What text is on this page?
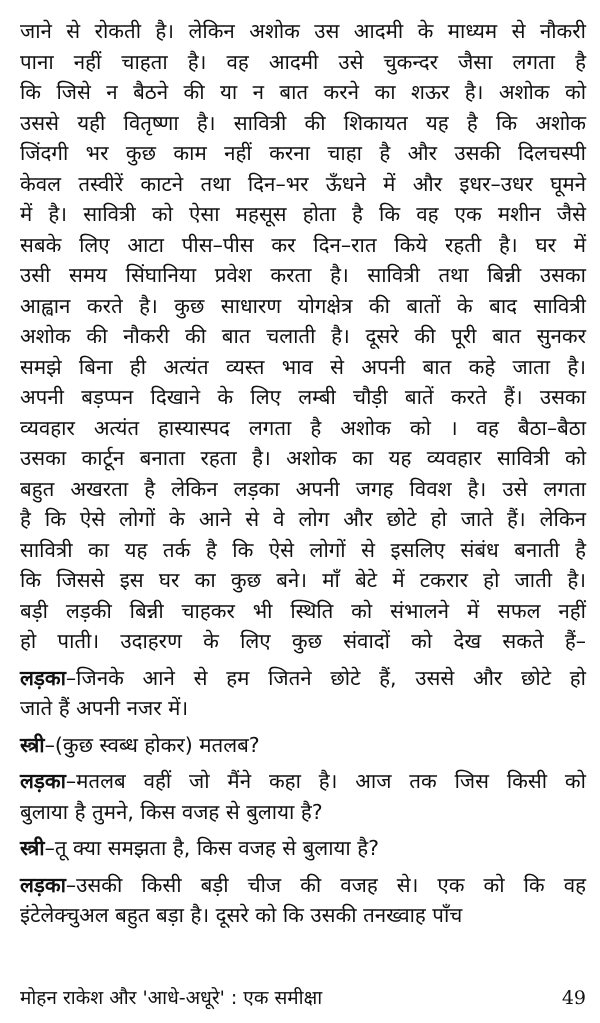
जाने से रोकती है। लेकिन अशोक उस आदमी के माध्यम से नौकरी

पाना नहीं चाहता है। वह आदमी उसे चुकन्दर जैसा लगता है

कि जिसे न बैठने की या न बात करने का शऊर है। अशोक को

उससे यही वितृष्णा है। सावित्री की शिकायत यह है कि अशोक

जिंदगी भर कुछ काम नहीं करना चाहा है और उसकी दिलचस्पी

केवल तस्वीरें काटने तथा दिन–भर ऊँधने में और इधर–उधर घूमने

में है। सावित्री को ऐसा महसूस होता है कि वह एक मशीन जैसे

सबके लिए आटा पीस–पीस कर दिन–रात किये रहती है। घर में

उसी समय सिंघानिया प्रवेश करता है। सावित्री तथा बिन्नी उसका

आह्वान करते है। कुछ साधारण योगक्षेत्र की बातों के बाद सावित्री

अशोक की नौकरी की बात चलाती है। दूसरे की पूरी बात सुनकर

समझे बिना ही अत्यंत व्यस्त भाव से अपनी बात कहे जाता है।

अपनी बड़प्पन दिखाने के लिए लम्बी चौड़ी बातें करते हैं। उसका

व्यवहार अत्यंत हास्यास्पद लगता है अशोक को । वह बैठा–बैठा

उसका कार्टून बनाता रहता है। अशोक का यह व्यवहार सावित्री को

बहुत अखरता है लेकिन लड़का अपनी जगह विवश है। उसे लगता

है कि ऐसे लोगों के आने से वे लोग और छोटे हो जाते हैं। लेकिन

सावित्री का यह तर्क है कि ऐसे लोगों से इसलिए संबंध बनाती है

कि जिससे इस घर का कुछ बने। माँ बेटे में टकरार हो जाती है।

बड़ी लड़की बिन्नी चाहकर भी स्थिति को संभालने में सफल नहीं

हो पाती। उदाहरण के लिए कुछ संवादों को देख सकते हैं–

लड़का–जिनके आने से हम जितने छोटे हैं, उससे और छोटे हो
जाते हैं अपनी नजर में।
स्त्री–(कुछ स्वब्ध होकर) मतलब?
लड़का–मतलब वहीं जो मैंने कहा है। आज तक जिस किसी को
बुलाया है तुमने, किस वजह से बुलाया है?
स्त्री–तू क्या समझता है, किस वजह से बुलाया है?
लड़का–उसकी किसी बड़ी चीज की वजह से। एक को कि वह
इंटेलेक्चुअल बहुत बड़ा है। दूसरे को कि उसकी तनख्वाह पाँच
मोहन राकेश और 'आधे-अधूरे' : एक समीक्षा	49
